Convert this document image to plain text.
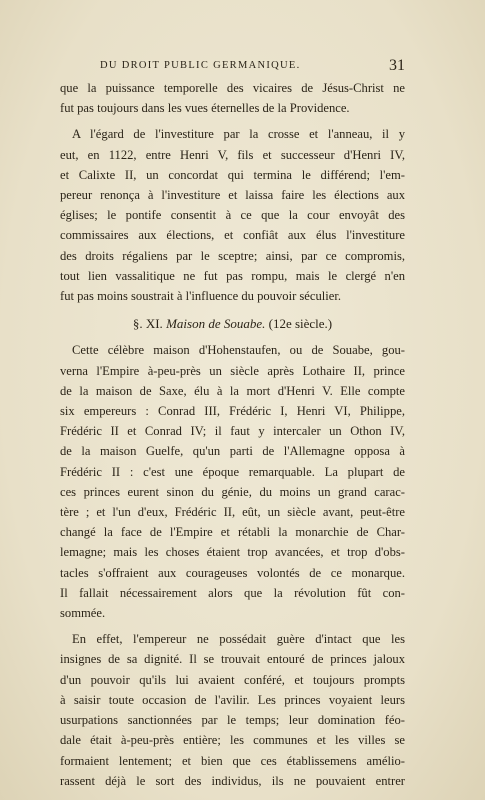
DU DROIT PUBLIC GERMANIQUE.	31
que la puissance temporelle des vicaires de Jésus-Christ ne
fut pas toujours dans les vues éternelles de la Providence.
A l'égard de l'investiture par la crosse et l'anneau, il y
eut, en 1122, entre Henri V, fils et successeur d'Henri IV,
et Calixte II, un concordat qui termina le différend; l'em-
pereur renonça à l'investiture et laissa faire les élections aux
églises; le pontife consentit à ce que la cour envoyât des
commissaires aux élections, et confiât aux élus l'investiture
des droits régaliens par le sceptre; ainsi, par ce compromis,
tout lien vassalitique ne fut pas rompu, mais le clergé n'en
fut pas moins soustrait à l'influence du pouvoir séculier.
§. XI. Maison de Souabe. (12e siècle.)
Cette célèbre maison d'Hohenstaufen, ou de Souabe, gou-
verna l'Empire à-peu-près un siècle après Lothaire II, prince
de la maison de Saxe, élu à la mort d'Henri V. Elle compte
six empereurs : Conrad III, Frédéric I, Henri VI, Philippe,
Frédéric II et Conrad IV; il faut y intercaler un Othon IV,
de la maison Guelfe, qu'un parti de l'Allemagne opposa à
Frédéric II : c'est une époque remarquable. La plupart de
ces princes eurent sinon du génie, du moins un grand carac-
tère ; et l'un d'eux, Frédéric II, eût, un siècle avant, peut-être
changé la face de l'Empire et rétabli la monarchie de Char-
lemagne; mais les choses étaient trop avancées, et trop d'obs-
tacles s'offraient aux courageuses volontés de ce monarque.
Il fallait nécessairement alors que la révolution fût con-
sommée.
En effet, l'empereur ne possédait guère d'intact que les
insignes de sa dignité. Il se trouvait entouré de princes jaloux
d'un pouvoir qu'ils lui avaient conféré, et toujours prompts
à saisir toute occasion de l'avilir. Les princes voyaient leurs
usurpations sanctionnées par le temps; leur domination féo-
dale était à-peu-près entière; les communes et les villes se
formaient lentement; et bien que ces établissemens amélio-
rassent déjà le sort des individus, ils ne pouvaient entrer
